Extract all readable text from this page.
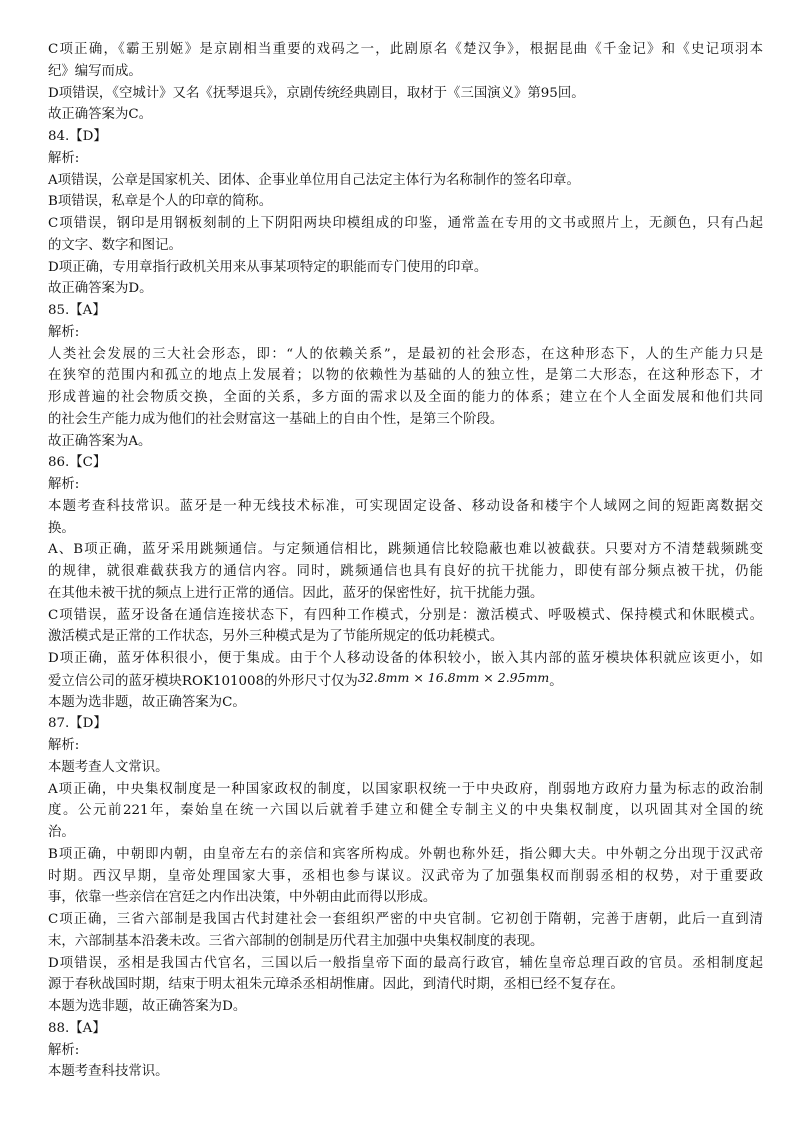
C项正确，《霸王别姬》是京剧相当重要的戏码之一，此剧原名《楚汉争》，根据昆曲《千金记》和《史记项羽本
纪》编写而成。
D项错误，《空城计》又名《抚琴退兵》，京剧传统经典剧目，取材于《三国演义》第95回。
故正确答案为C。
84.【D】
解析:
A项错误，公章是国家机关、团体、企事业单位用自己法定主体行为名称制作的签名印章。
B项错误，私章是个人的印章的简称。
C项错误，钢印是用钢板刻制的上下阴阳两块印模组成的印鉴，通常盖在专用的文书或照片上，无颜色，只有凸起
的文字、数字和图记。
D项正确，专用章指行政机关用来从事某项特定的职能而专门使用的印章。
故正确答案为D。
85.【A】
解析:
人类社会发展的三大社会形态，即：“人的依赖关系”，是最初的社会形态，在这种形态下，人的生产能力只是
在狭窄的范围内和孤立的地点上发展着；以物的依赖性为基础的人的独立性，是第二大形态，在这种形态下，才
形成普遍的社会物质交换，全面的关系，多方面的需求以及全面的能力的体系；建立在个人全面发展和他们共同
的社会生产能力成为他们的社会财富这一基础上的自由个性，是第三个阶段。
故正确答案为A。
86.【C】
解析:
本题考查科技常识。蓝牙是一种无线技术标准，可实现固定设备、移动设备和楼宇个人域网之间的短距离数据交
换。
A、B项正确，蓝牙采用跳频通信。与定频通信相比，跳频通信比较隐蔽也难以被截获。只要对方不清楚载频跳变
的规律，就很难截获我方的通信内容。同时，跳频通信也具有良好的抗干扰能力，即使有部分频点被干扰，仍能
在其他未被干扰的频点上进行正常的通信。因此，蓝牙的保密性好，抗干扰能力强。
C项错误，蓝牙设备在通信连接状态下，有四种工作模式，分别是：激活模式、呼吸模式、保持模式和休眠模式。
激活模式是正常的工作状态，另外三种模式是为了节能所规定的低功耗模式。
D项正确，蓝牙体积很小，便于集成。由于个人移动设备的体积较小，嵌入其内部的蓝牙模块体积就应该更小，如
爱立信公司的蓝牙模块ROK101008的外形尺寸仅为32.8mm × 16.8mm × 2.95mm。
本题为选非题，故正确答案为C。
87.【D】
解析:
本题考查人文常识。
A项正确，中央集权制度是一种国家政权的制度，以国家职权统一于中央政府，削弱地方政府力量为标志的政治制
度。公元前221年，秦始皇在统一六国以后就着手建立和健全专制主义的中央集权制度，以巩固其对全国的统
治。
B项正确，中朝即内朝，由皇帝左右的亲信和宾客所构成。外朝也称外廷，指公卿大夫。中外朝之分出现于汉武帝
时期。西汉早期，皇帝处理国家大事，丞相也参与谋议。汉武帝为了加强集权而削弱丞相的权势，对于重要政
事，依靠一些亲信在宫廷之内作出决策，中外朝由此而得以形成。
C项正确，三省六部制是我国古代封建社会一套组织严密的中央官制。它初创于隋朝，完善于唐朝，此后一直到清
末，六部制基本沿袭未改。三省六部制的创制是历代君主加强中央集权制度的表现。
D项错误，丞相是我国古代官名，三国以后一般指皇帝下面的最高行政官，辅佐皇帝总理百政的官员。丞相制度起
源于春秋战国时期，结束于明太祖朱元璋杀丞相胡惟庸。因此，到清代时期，丞相已经不复存在。
本题为选非题，故正确答案为D。
88.【A】
解析:
本题考查科技常识。
